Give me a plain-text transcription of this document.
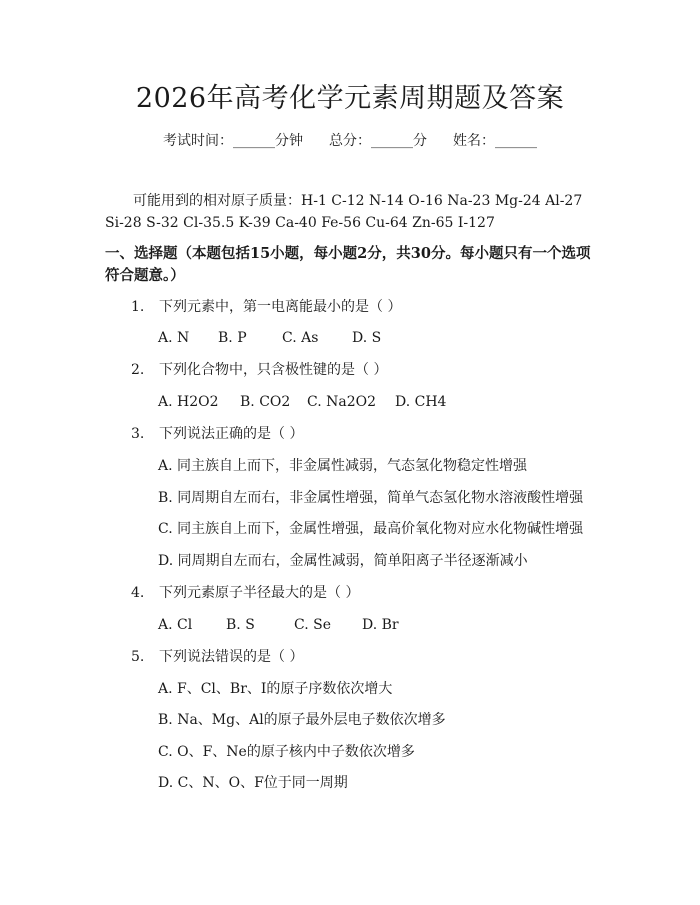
2026年高考化学元素周期题及答案
考试时间：______分钟 总分：______分 姓名：______
可能用到的相对原子质量：H-1 C-12 N-14 O-16 Na-23 Mg-24 Al-27 Si-28 S-32 Cl-35.5 K-39 Ca-40 Fe-56 Cu-64 Zn-65 I-127
一、选择题（本题包括15小题，每小题2分，共30分。每小题只有一个选项符合题意。）
1. 下列元素中，第一电离能最小的是（ ）
A. N B. P	C. As D. S
2. 下列化合物中，只含极性键的是（ ）
A. H2O2 B. CO2 C. Na2O2 D. CH4
3. 下列说法正确的是（ ）
A. 同主族自上而下，非金属性减弱，气态氢化物稳定性增强
B. 同周期自左而右，非金属性增强，简单气态氢化物水溶液酸性增强
C. 同主族自上而下，金属性增强，最高价氧化物对应水化物碱性增强
D. 同周期自左而右，金属性减弱，简单阳离子半径逐渐减小
4. 下列元素原子半径最大的是（ ）
A. Cl B. S	C. Se D. Br
5. 下列说法错误的是（ ）
A. F、Cl、Br、I的原子序数依次增大
B. Na、Mg、Al的原子最外层电子数依次增多
C. O、F、Ne的原子核内中子数依次增多
D. C、N、O、F位于同一周期
